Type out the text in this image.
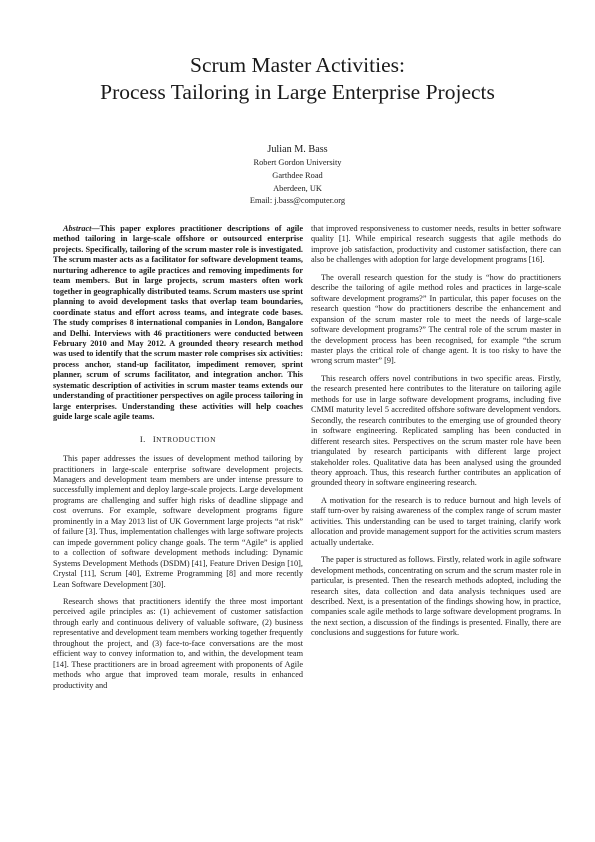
Scrum Master Activities:
Process Tailoring in Large Enterprise Projects
Julian M. Bass
Robert Gordon University
Garthdee Road
Aberdeen, UK
Email: j.bass@computer.org

Abstract—This paper explores practitioner descriptions of agile method tailoring in large-scale offshore or outsourced enterprise projects. Specifically, tailoring of the scrum master role is investigated. The scrum master acts as a facilitator for software development teams, nurturing adherence to agile practices and removing impediments for team members. But in large projects, scrum masters often work together in geographically distributed teams. Scrum masters use sprint planning to avoid development tasks that overlap team boundaries, coordinate status and effort across teams, and integrate code bases. The study comprises 8 international companies in London, Bangalore and Delhi. Interviews with 46 practitioners were conducted between February 2010 and May 2012. A grounded theory research method was used to identify that the scrum master role comprises six activities: process anchor, stand-up facilitator, impediment remover, sprint planner, scrum of scrums facilitator, and integration anchor. This systematic description of activities in scrum master teams extends our understanding of practitioner perspectives on agile process tailoring in large enterprises. Understanding these activities will help coaches guide large scale agile teams.

I. INTRODUCTION

This paper addresses the issues of development method tailoring by practitioners in large-scale enterprise software development projects. Managers and development team members are under intense pressure to successfully implement and deploy large-scale projects. Large development programs are challenging and suffer high risks of deadline slippage and cost overruns. For example, software development programs figure prominently in a May 2013 list of UK Government large projects “at risk” of failure [3]. Thus, implementation challenges with large software projects can impede government policy change goals. The term “Agile” is applied to a collection of software development methods including: Dynamic Systems Development Methods (DSDM) [41], Feature Driven Design [10], Crystal [11], Scrum [40], Extreme Programming [8] and more recently Lean Software Development [30].

Research shows that practitioners identify the three most important perceived agile principles as: (1) achievement of customer satisfaction through early and continuous delivery of valuable software, (2) business representative and development team members working together frequently throughout the project, and (3) face-to-face conversations are the most efficient way to convey information to, and within, the development team [14]. These practitioners are in broad agreement with proponents of Agile methods who argue that improved team morale, results in enhanced productivity and

that improved responsiveness to customer needs, results in better software quality [1]. While empirical research suggests that agile methods do improve job satisfaction, productivity and customer satisfaction, there can also be challenges with adoption for large development programs [16].

The overall research question for the study is “how do practitioners describe the tailoring of agile method roles and practices in large-scale software development programs?” In particular, this paper focuses on the research question “how do practitioners describe the enhancement and expansion of the scrum master role to meet the needs of large-scale software development programs?” The central role of the scrum master in the development process has been recognised, for example “the scrum master plays the critical role of change agent. It is too risky to have the wrong scrum master” [9].

This research offers novel contributions in two specific areas. Firstly, the research presented here contributes to the literature on tailoring agile methods for use in large software development programs, including five CMMI maturity level 5 accredited offshore software development vendors. Secondly, the research contributes to the emerging use of grounded theory in software engineering. Replicated sampling has been conducted in different research sites. Perspectives on the scrum master role have been triangulated by research participants with different large project stakeholder roles. Qualitative data has been analysed using the grounded theory approach. Thus, this research further contributes an application of grounded theory in software engineering research.

A motivation for the research is to reduce burnout and high levels of staff turn-over by raising awareness of the complex range of scrum master activities. This understanding can be used to target training, clarify work allocation and provide management support for the activities scrum masters actually undertake.

The paper is structured as follows. Firstly, related work in agile software development methods, concentrating on scrum and the scrum master role in particular, is presented. Then the research methods adopted, including the research sites, data collection and data analysis techniques used are described. Next, is a presentation of the findings showing how, in practice, companies scale agile methods to large software development programs. In the next section, a discussion of the findings is presented. Finally, there are conclusions and suggestions for future work.
